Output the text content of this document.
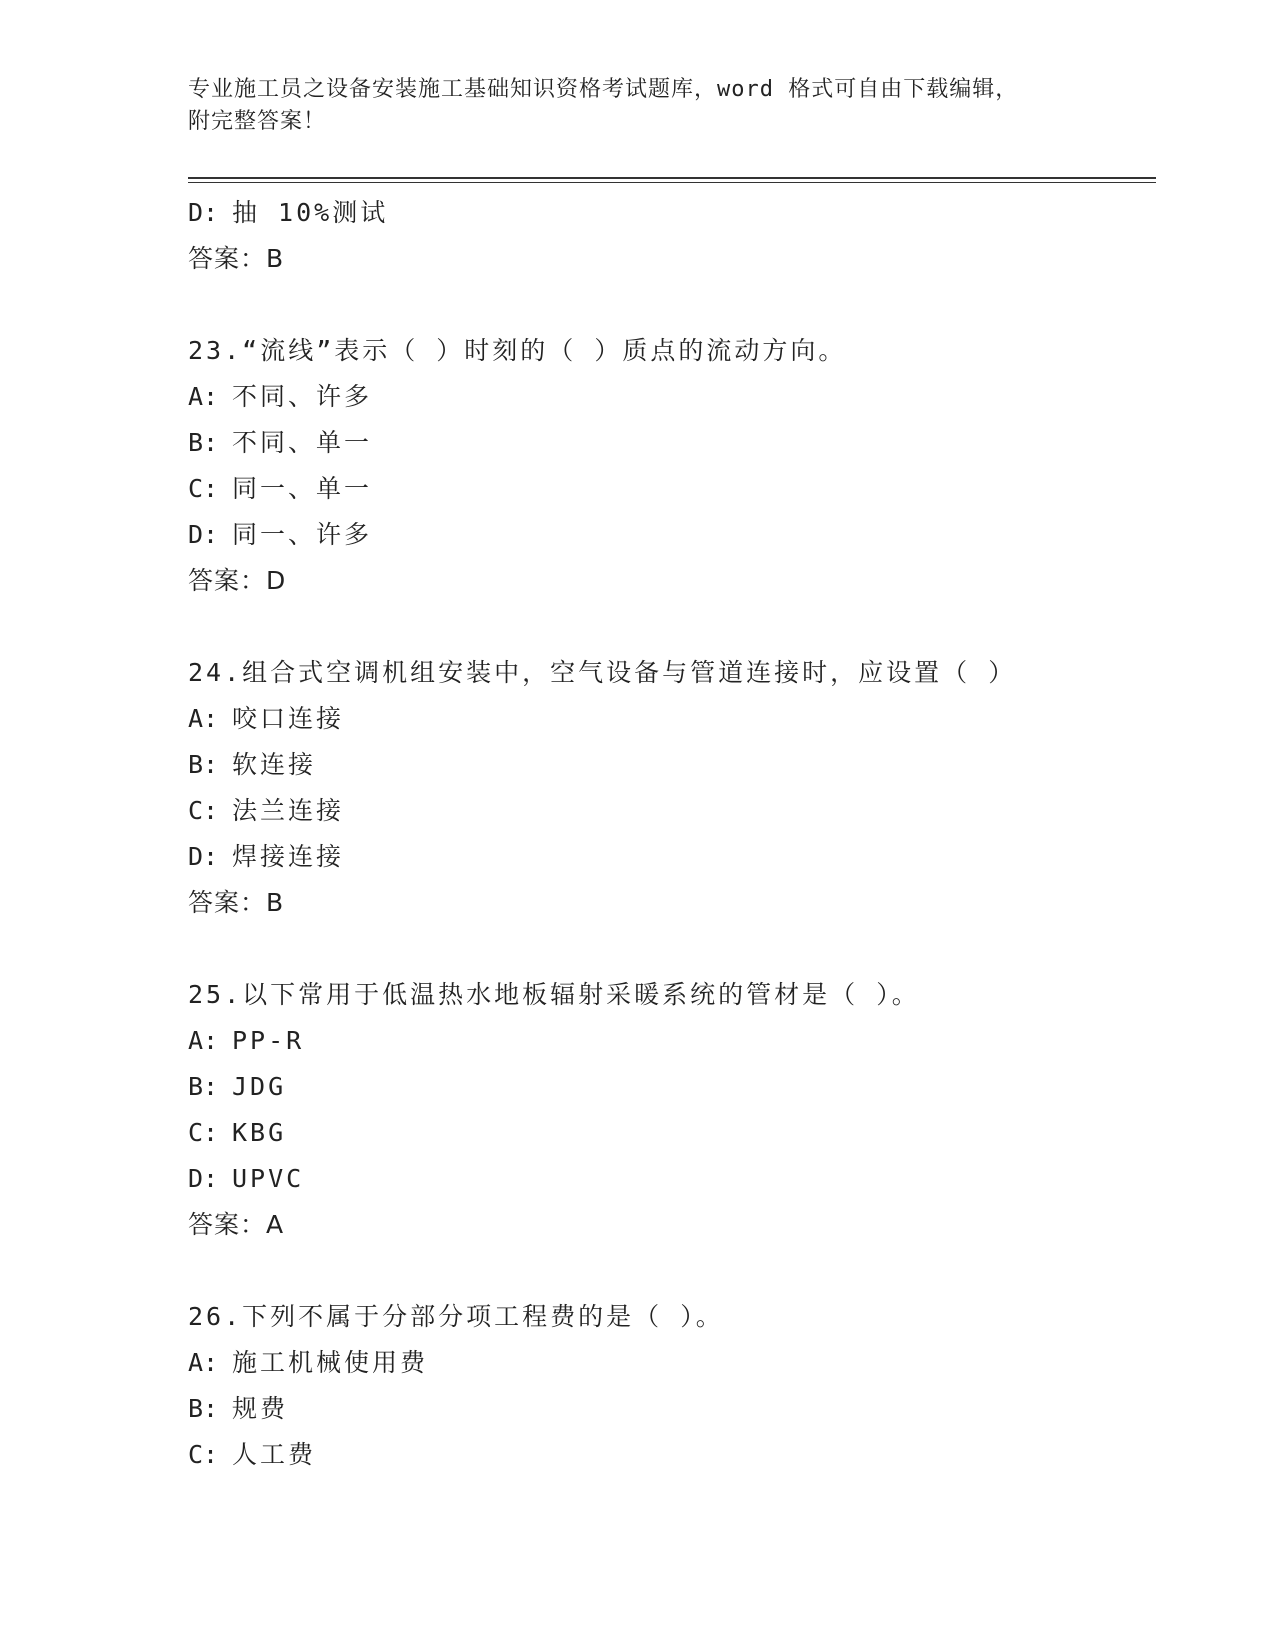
专业施工员之设备安装施工基础知识资格考试题库，word 格式可自由下载编辑，
附完整答案！
D: 抽 10%测试
答案：B
23.“流线”表示（ ）时刻的（ ）质点的流动方向。
A: 不同、许多
B: 不同、单一
C: 同一、单一
D: 同一、许多
答案：D
24.组合式空调机组安装中，空气设备与管道连接时，应设置（ ）
A: 咬口连接
B: 软连接
C: 法兰连接
D: 焊接连接
答案：B
25.以下常用于低温热水地板辐射采暖系统的管材是（ ）。
A: PP-R
B: JDG
C: KBG
D: UPVC
答案：A
26.下列不属于分部分项工程费的是（ ）。
A: 施工机械使用费
B: 规费
C: 人工费
